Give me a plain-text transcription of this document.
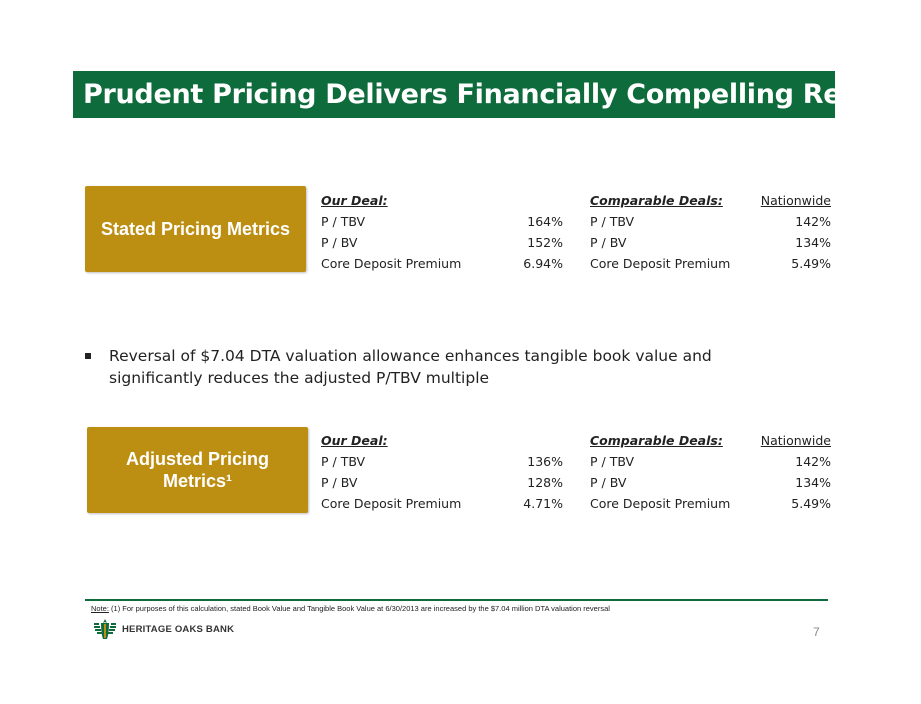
Prudent Pricing Delivers Financially Compelling Returns
Stated Pricing Metrics
Our Deal:
P / TBV	164%
P / BV	152%
Core Deposit Premium	6.94%
Comparable Deals:	Nationwide
P / TBV	142%
P / BV	134%
Core Deposit Premium	5.49%
Reversal of $7.04 DTA valuation allowance enhances tangible book value and significantly reduces the adjusted P/TBV multiple
Adjusted Pricing
Metrics¹
Our Deal:
P / TBV	136%
P / BV	128%
Core Deposit Premium	4.71%
Comparable Deals:	Nationwide
P / TBV	142%
P / BV	134%
Core Deposit Premium	5.49%
Note: (1) For purposes of this calculation, stated Book Value and Tangible Book Value at 6/30/2013 are increased by the $7.04 million DTA valuation reversal
HERITAGE OAKS BANK	7
